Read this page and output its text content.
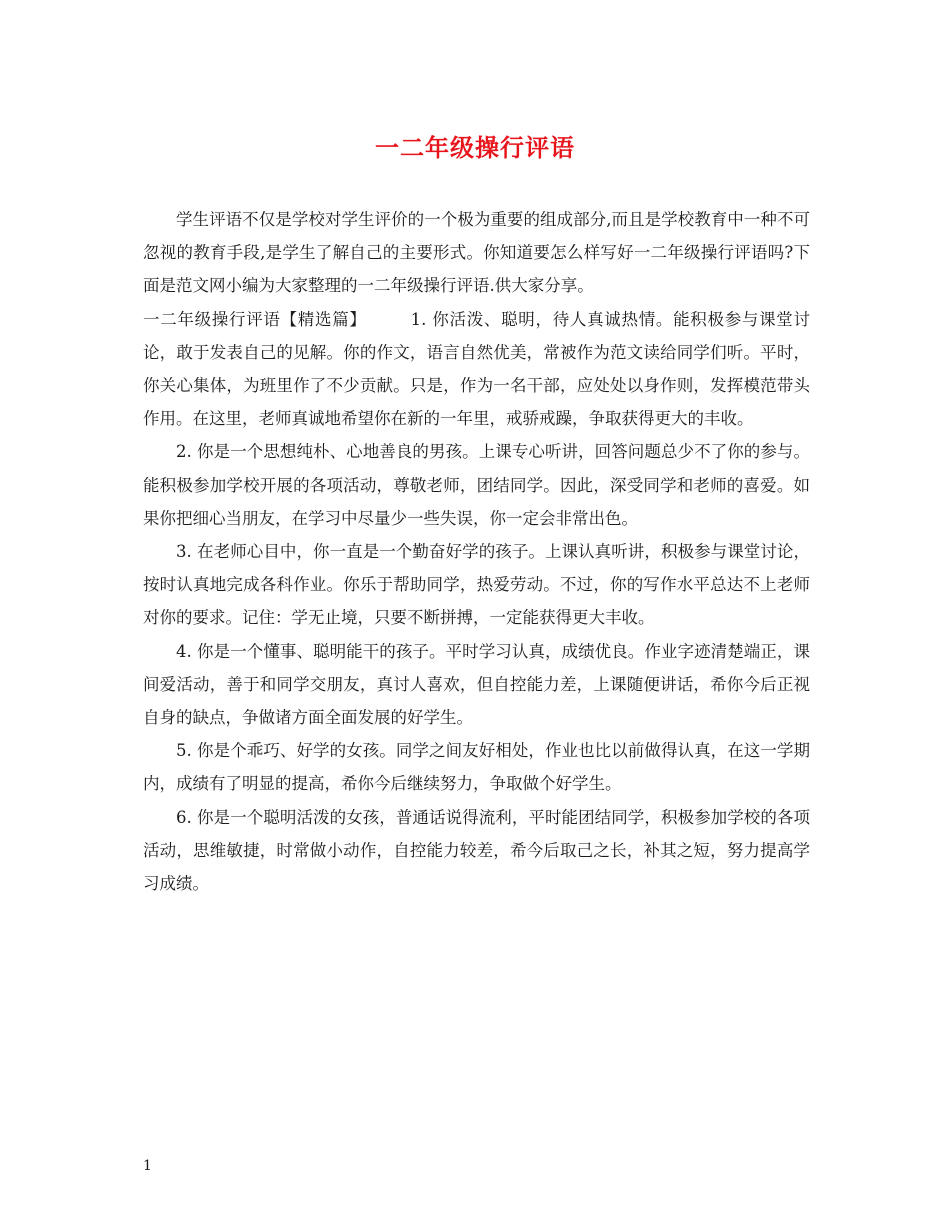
一二年级操行评语

学生评语不仅是学校对学生评价的一个极为重要的组成部分,而且是学校教育中一种不可忽视的教育手段,是学生了解自己的主要形式。你知道要怎么样写好一二年级操行评语吗?下面是范文网小编为大家整理的一二年级操行评语.供大家分享。

一二年级操行评语【精选篇】	1. 你活泼、聪明，待人真诚热情。能积极参与课堂讨论，敢于发表自己的见解。你的作文，语言自然优美，常被作为范文读给同学们听。平时，你关心集体，为班里作了不少贡献。只是，作为一名干部，应处处以身作则，发挥模范带头作用。在这里，老师真诚地希望你在新的一年里，戒骄戒躁，争取获得更大的丰收。

2. 你是一个思想纯朴、心地善良的男孩。上课专心听讲，回答问题总少不了你的参与。能积极参加学校开展的各项活动，尊敬老师，团结同学。因此，深受同学和老师的喜爱。如果你把细心当朋友，在学习中尽量少一些失误，你一定会非常出色。

3. 在老师心目中，你一直是一个勤奋好学的孩子。上课认真听讲，积极参与课堂讨论，按时认真地完成各科作业。你乐于帮助同学，热爱劳动。不过，你的写作水平总达不上老师对你的要求。记住：学无止境，只要不断拼搏，一定能获得更大丰收。

4. 你是一个懂事、聪明能干的孩子。平时学习认真，成绩优良。作业字迹清楚端正，课间爱活动，善于和同学交朋友，真讨人喜欢，但自控能力差，上课随便讲话，希你今后正视自身的缺点，争做诸方面全面发展的好学生。

5. 你是个乖巧、好学的女孩。同学之间友好相处，作业也比以前做得认真，在这一学期内，成绩有了明显的提高，希你今后继续努力，争取做个好学生。

6. 你是一个聪明活泼的女孩，普通话说得流利，平时能团结同学，积极参加学校的各项活动，思维敏捷，时常做小动作，自控能力较差，希今后取己之长，补其之短，努力提高学习成绩。

1
